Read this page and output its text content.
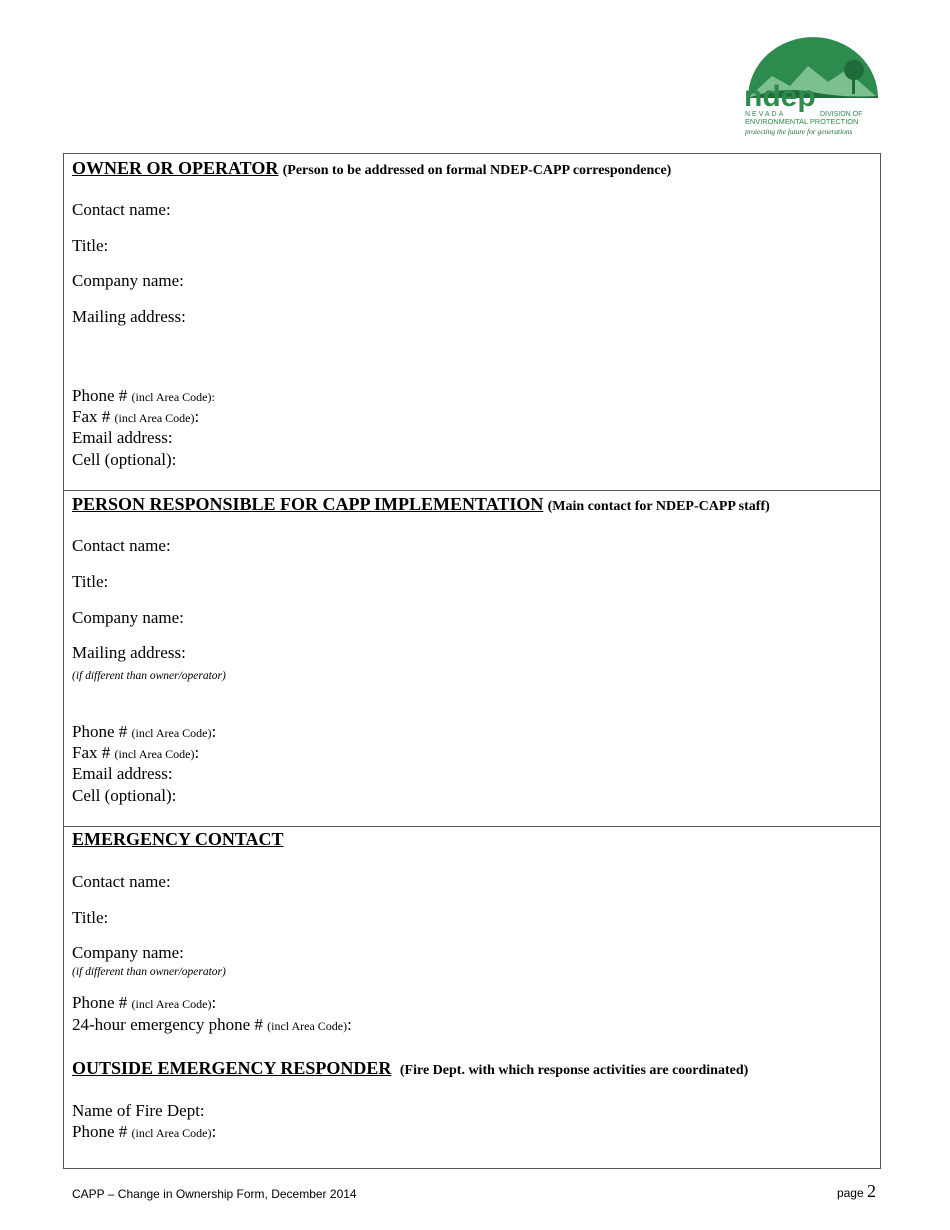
ndep
NEVADA	DIVISION OF
ENVIRONMENTAL PROTECTION
protecting the future for generations
OWNER OR OPERATOR (Person to be addressed on formal NDEP-CAPP correspondence)
Contact name:
Title:
Company name:
Mailing address:
Phone # (incl Area Code):
Fax # (incl Area Code):
Email address:
Cell (optional):
PERSON RESPONSIBLE FOR CAPP IMPLEMENTATION (Main contact for NDEP-CAPP staff)
Contact name:
Title:
Company name:
Mailing address:
(if different than owner/operator)
Phone # (incl Area Code):
Fax # (incl Area Code):
Email address:
Cell (optional):
EMERGENCY CONTACT
Contact name:
Title:
Company name:
(if different than owner/operator)
Phone # (incl Area Code):
24-hour emergency phone # (incl Area Code):
OUTSIDE EMERGENCY RESPONDER (Fire Dept. with which response activities are coordinated)
Name of Fire Dept:
Phone # (incl Area Code):
CAPP – Change in Ownership Form, December 2014	page 2
